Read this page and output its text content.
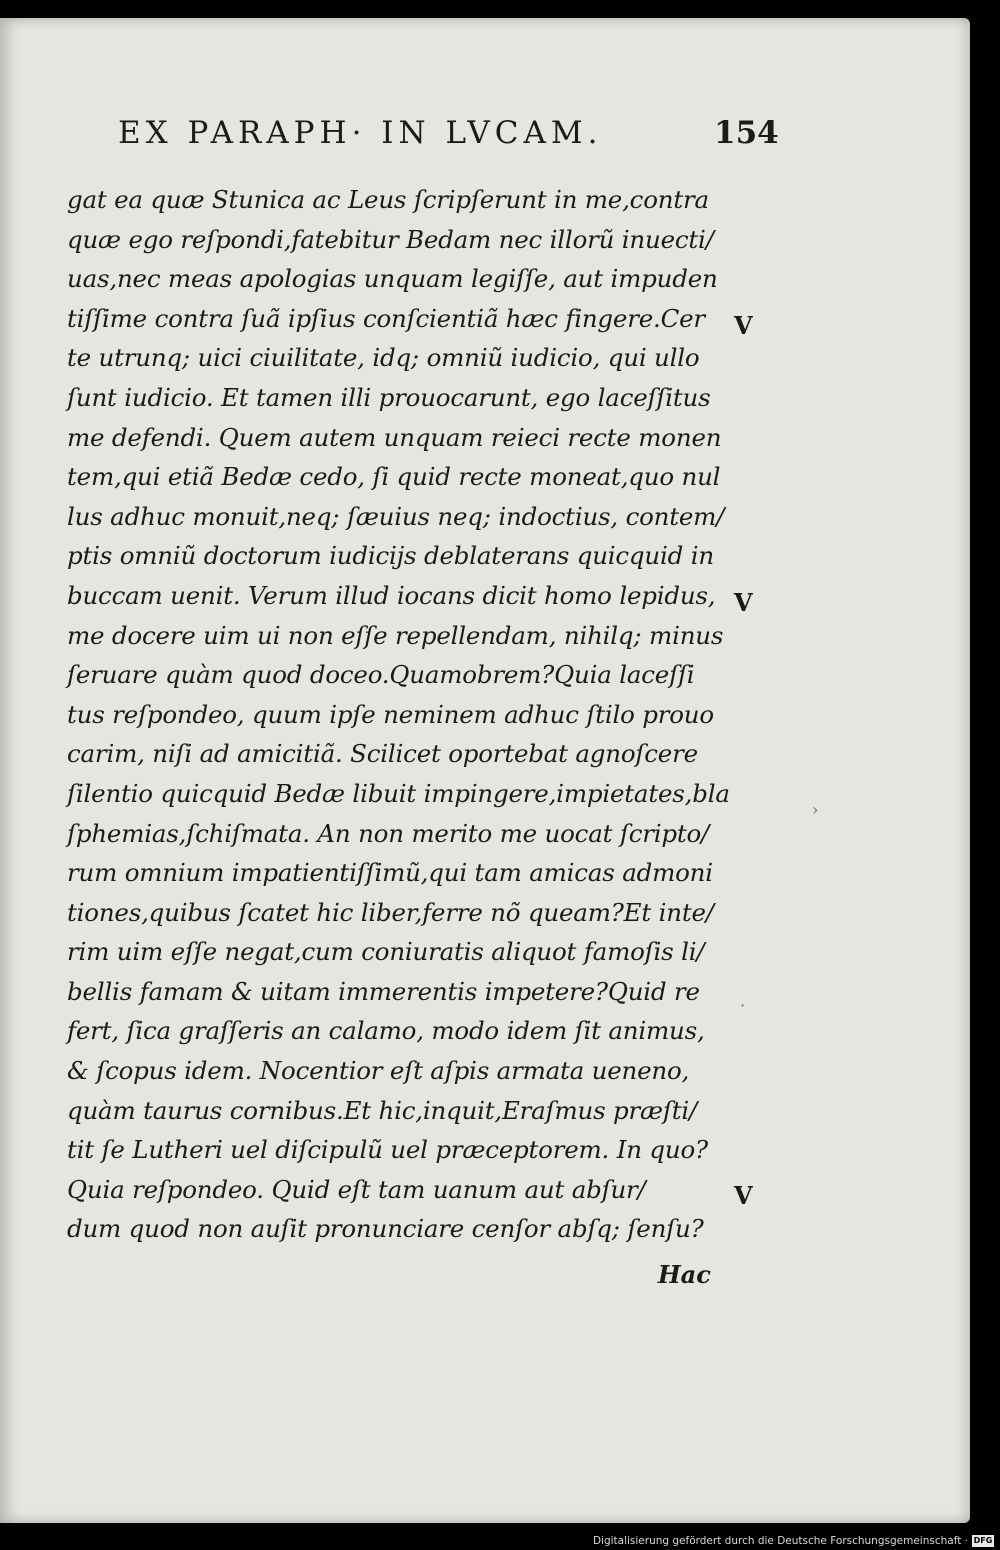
EX PARAPH· IN LVCAM.	154
gat ea quæ Stunica ac Leus ſcripſerunt in me,contra
quæ ego reſpondi,fatebitur Bedam nec illorũ inuecti/
uas,nec meas apologias unquam legiſſe, aut impuden
tiſſime contra ſuã ipſius conſcientiã hæc fingere.Cer
te utrunq; uici ciuilitate, idq; omniũ iudicio, qui ullo
ſunt iudicio. Et tamen illi prouocarunt, ego laceſſitus
me defendi. Quem autem unquam reieci recte monen
tem,qui etiã Bedæ cedo, ſi quid recte moneat,quo nul
lus adhuc monuit,neq; ſæuius neq; indoctius, contem/
ptis omniũ doctorum iudicijs deblaterans quicquid in
buccam uenit. Verum illud iocans dicit homo lepidus,
me docere uim ui non eſſe repellendam, nihilq; minus
ſeruare quàm quod doceo.Quamobrem?Quia laceſſi
tus reſpondeo, quum ipſe neminem adhuc ſtilo prouo
carim, niſi ad amicitiã. Scilicet oportebat agnoſcere
ſilentio quicquid Bedæ libuit impingere,impietates,bla
ſphemias,ſchiſmata. An non merito me uocat ſcripto/
rum omnium impatientiſſimũ,qui tam amicas admoni
tiones,quibus ſcatet hic liber,ferre nõ queam?Et inte/
rim uim eſſe negat,cum coniuratis aliquot famoſis li/
bellis famam & uitam immerentis impetere?Quid re
fert, ſica graſſeris an calamo, modo idem ſit animus,
& ſcopus idem. Nocentior eſt aſpis armata ueneno,
quàm taurus cornibus.Et hic,inquit,Eraſmus præſti/
tit ſe Lutheri uel diſcipulũ uel præceptorem. In quo?
Quia reſpondeo. Quid eſt tam uanum aut abſur/
dum quod non auſit pronunciare cenſor abſq; ſenſu?
Hac
V
V
V
›
·
Digitalisierung gefördert durch die Deutsche Forschungsgemeinschaft · DFG
